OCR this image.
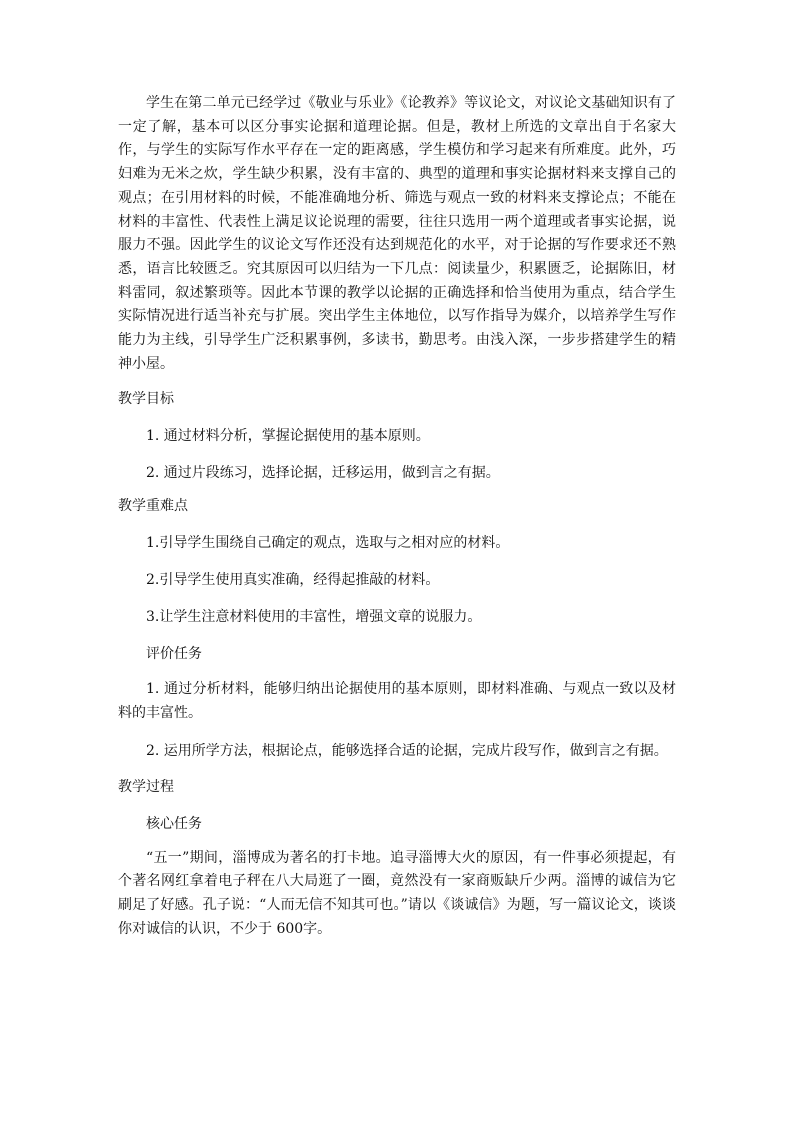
学生在第二单元已经学过《敬业与乐业》《论教养》等议论文，对议论文基础知识有了一定了解，基本可以区分事实论据和道理论据。但是，教材上所选的文章出自于名家大作，与学生的实际写作水平存在一定的距离感，学生模仿和学习起来有所难度。此外，巧妇难为无米之炊，学生缺少积累，没有丰富的、典型的道理和事实论据材料来支撑自己的观点；在引用材料的时候，不能准确地分析、筛选与观点一致的材料来支撑论点；不能在材料的丰富性、代表性上满足议论说理的需要，往往只选用一两个道理或者事实论据，说服力不强。因此学生的议论文写作还没有达到规范化的水平，对于论据的写作要求还不熟悉，语言比较匮乏。究其原因可以归结为一下几点：阅读量少，积累匮乏，论据陈旧，材料雷同，叙述繁琐等。因此本节课的教学以论据的正确选择和恰当使用为重点，结合学生实际情况进行适当补充与扩展。突出学生主体地位，以写作指导为媒介，以培养学生写作能力为主线，引导学生广泛积累事例，多读书，勤思考。由浅入深，一步步搭建学生的精神小屋。

教学目标

1. 通过材料分析，掌握论据使用的基本原则。

2. 通过片段练习，选择论据，迁移运用，做到言之有据。

教学重难点

1.引导学生围绕自己确定的观点，选取与之相对应的材料。

2.引导学生使用真实准确，经得起推敲的材料。

3.让学生注意材料使用的丰富性，增强文章的说服力。

评价任务

1. 通过分析材料，能够归纳出论据使用的基本原则，即材料准确、与观点一致以及材料的丰富性。

2. 运用所学方法，根据论点，能够选择合适的论据，完成片段写作，做到言之有据。

教学过程

核心任务

“五一”期间，淄博成为著名的打卡地。追寻淄博大火的原因，有一件事必须提起，有个著名网红拿着电子秤在八大局逛了一圈，竟然没有一家商贩缺斤少两。淄博的诚信为它刷足了好感。孔子说：“人而无信不知其可也。”请以《谈诚信》为题，写一篇议论文，谈谈你对诚信的认识，不少于 600字。
